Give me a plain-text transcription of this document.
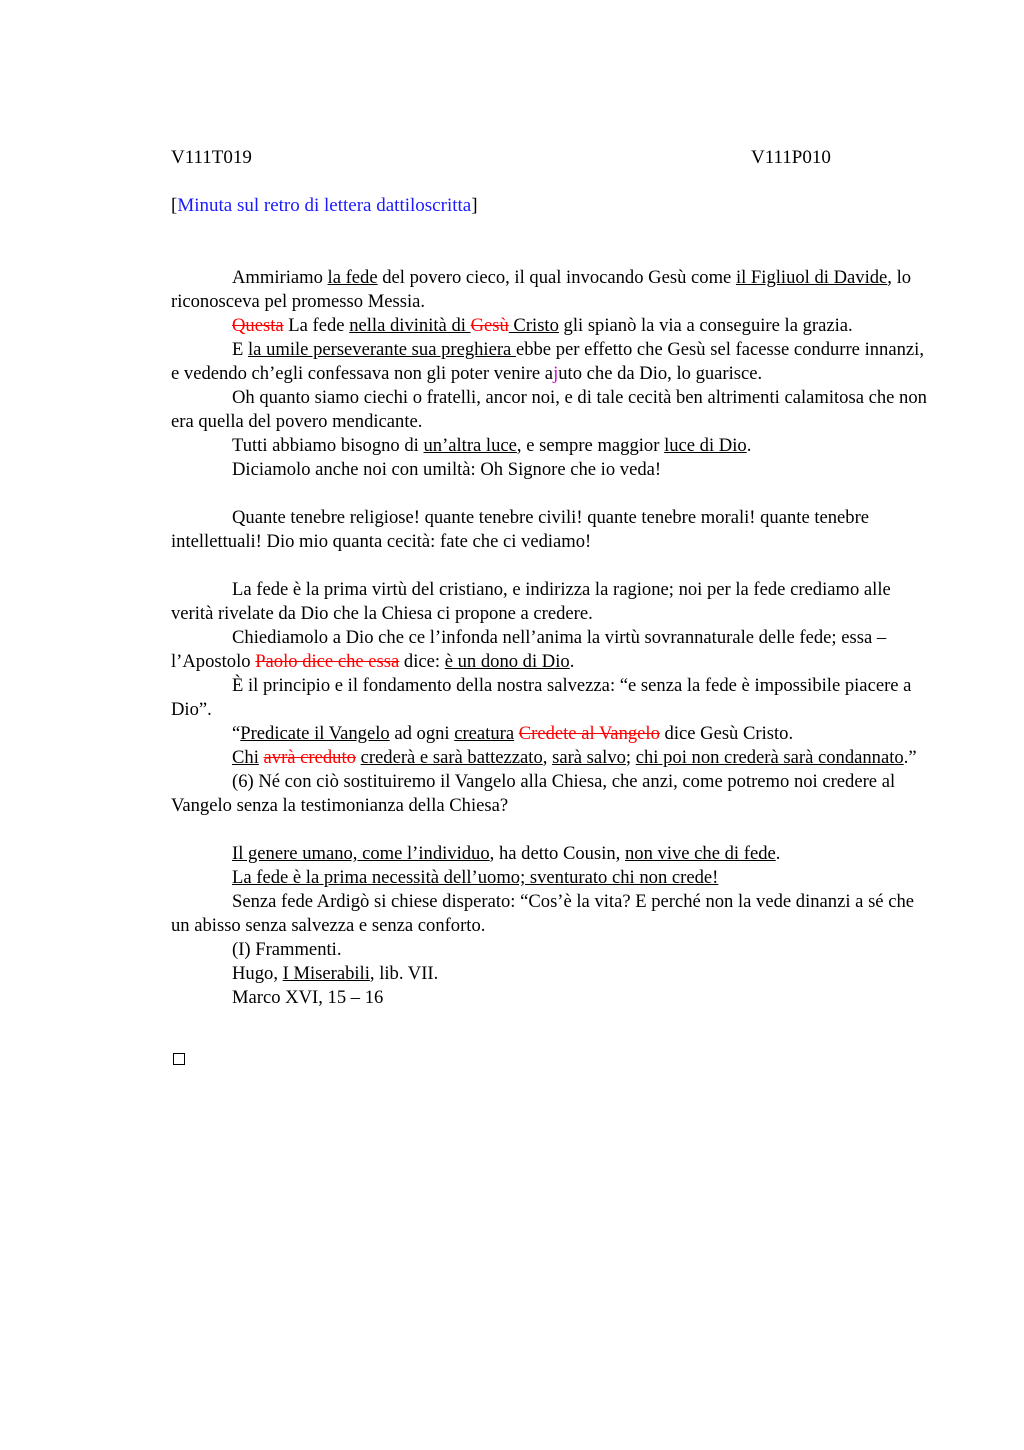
V111T019	V111P010
[Minuta sul retro di lettera dattiloscritta]

Ammiriamo la fede del povero cieco, il qual invocando Gesù come il Figliuol di Davide, lo riconosceva pel promesso Messia.

Questa La fede nella divinità di Gesù Cristo gli spianò la via a conseguire la grazia.

E la umile perseverante sua preghiera ebbe per effetto che Gesù sel facesse condurre innanzi, e vedendo ch’egli confessava non gli poter venire ajuto che da Dio, lo guarisce.

Oh quanto siamo ciechi o fratelli, ancor noi, e di tale cecità ben altrimenti calamitosa che non era quella del povero mendicante.

Tutti abbiamo bisogno di un’altra luce, e sempre maggior luce di Dio.

Diciamolo anche noi con umiltà: Oh Signore che io veda!

Quante tenebre religiose! quante tenebre civili! quante tenebre morali! quante tenebre intellettuali! Dio mio quanta cecità: fate che ci vediamo!

La fede è la prima virtù del cristiano, e indirizza la ragione; noi per la fede crediamo alle verità rivelate da Dio che la Chiesa ci propone a credere.

Chiediamolo a Dio che ce l’infonda nell’anima la virtù sovrannaturale delle fede; essa – l’Apostolo Paolo dice che essa dice: è un dono di Dio.

È il principio e il fondamento della nostra salvezza: “e senza la fede è impossibile piacere a Dio”.

“Predicate il Vangelo ad ogni creatura Credete al Vangelo dice Gesù Cristo.

Chi avrà creduto crederà e sarà battezzato, sarà salvo; chi poi non crederà sarà condannato.”

(6) Né con ciò sostituiremo il Vangelo alla Chiesa, che anzi, come potremo noi credere al Vangelo senza la testimonianza della Chiesa?

Il genere umano, come l’individuo, ha detto Cousin, non vive che di fede.

La fede è la prima necessità dell’uomo; sventurato chi non crede!

Senza fede Ardigò si chiese disperato: “Cos’è la vita? E perché non la vede dinanzi a sé che un abisso senza salvezza e senza conforto.

(I) Frammenti.

Hugo, I Miserabili, lib. VII.

Marco XVI, 15 – 16
